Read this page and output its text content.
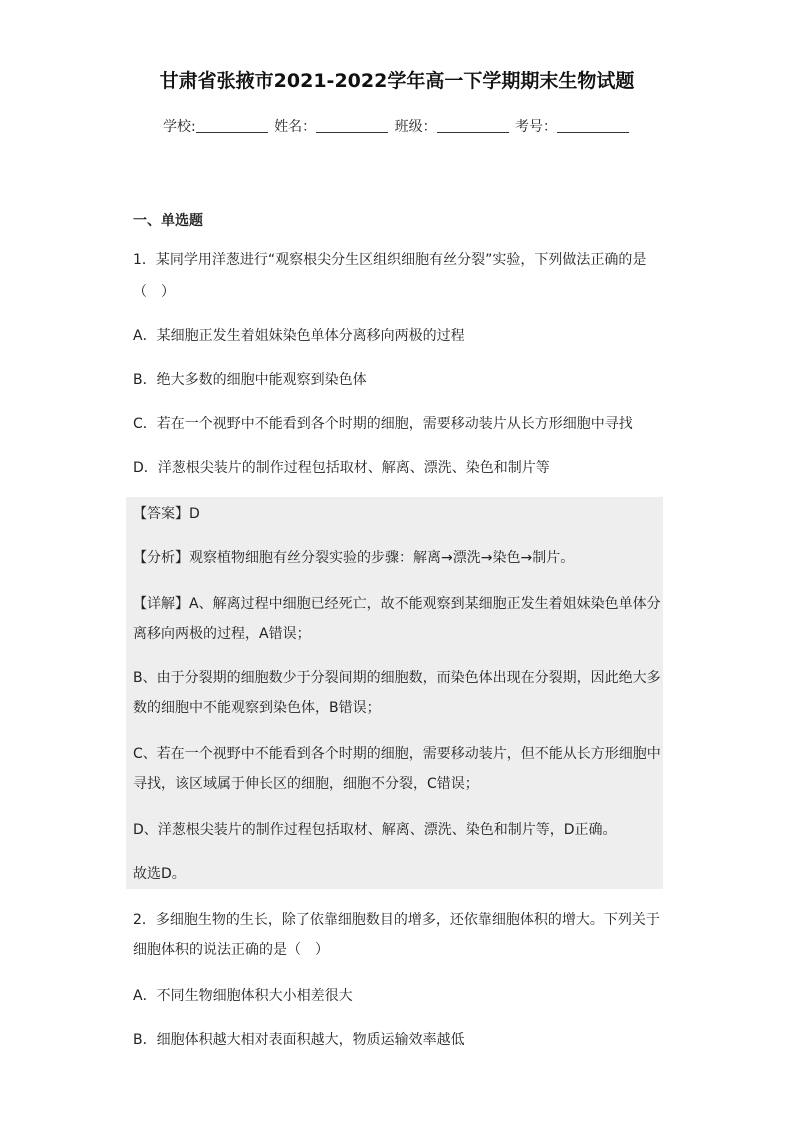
甘肃省张掖市2021-2022学年高一下学期期末生物试题
学校:	姓名：	班级：	考号：
一、单选题
1．某同学用洋葱进行“观察根尖分生区组织细胞有丝分裂”实验，下列做法正确的是
（　）
A．某细胞正发生着姐妹染色单体分离移向两极的过程
B．绝大多数的细胞中能观察到染色体
C．若在一个视野中不能看到各个时期的细胞，需要移动装片从长方形细胞中寻找
D．洋葱根尖装片的制作过程包括取材、解离、漂洗、染色和制片等
【答案】D
【分析】观察植物细胞有丝分裂实验的步骤：解离→漂洗→染色→制片。
【详解】A、解离过程中细胞已经死亡，故不能观察到某细胞正发生着姐妹染色单体分
离移向两极的过程，A错误；
B、由于分裂期的细胞数少于分裂间期的细胞数，而染色体出现在分裂期，因此绝大多
数的细胞中不能观察到染色体，B错误；
C、若在一个视野中不能看到各个时期的细胞，需要移动装片，但不能从长方形细胞中
寻找，该区域属于伸长区的细胞，细胞不分裂，C错误；
D、洋葱根尖装片的制作过程包括取材、解离、漂洗、染色和制片等，D正确。
故选D。
2．多细胞生物的生长，除了依靠细胞数目的增多，还依靠细胞体积的增大。下列关于
细胞体积的说法正确的是（　）
A．不同生物细胞体积大小相差很大
B．细胞体积越大相对表面积越大，物质运输效率越低
